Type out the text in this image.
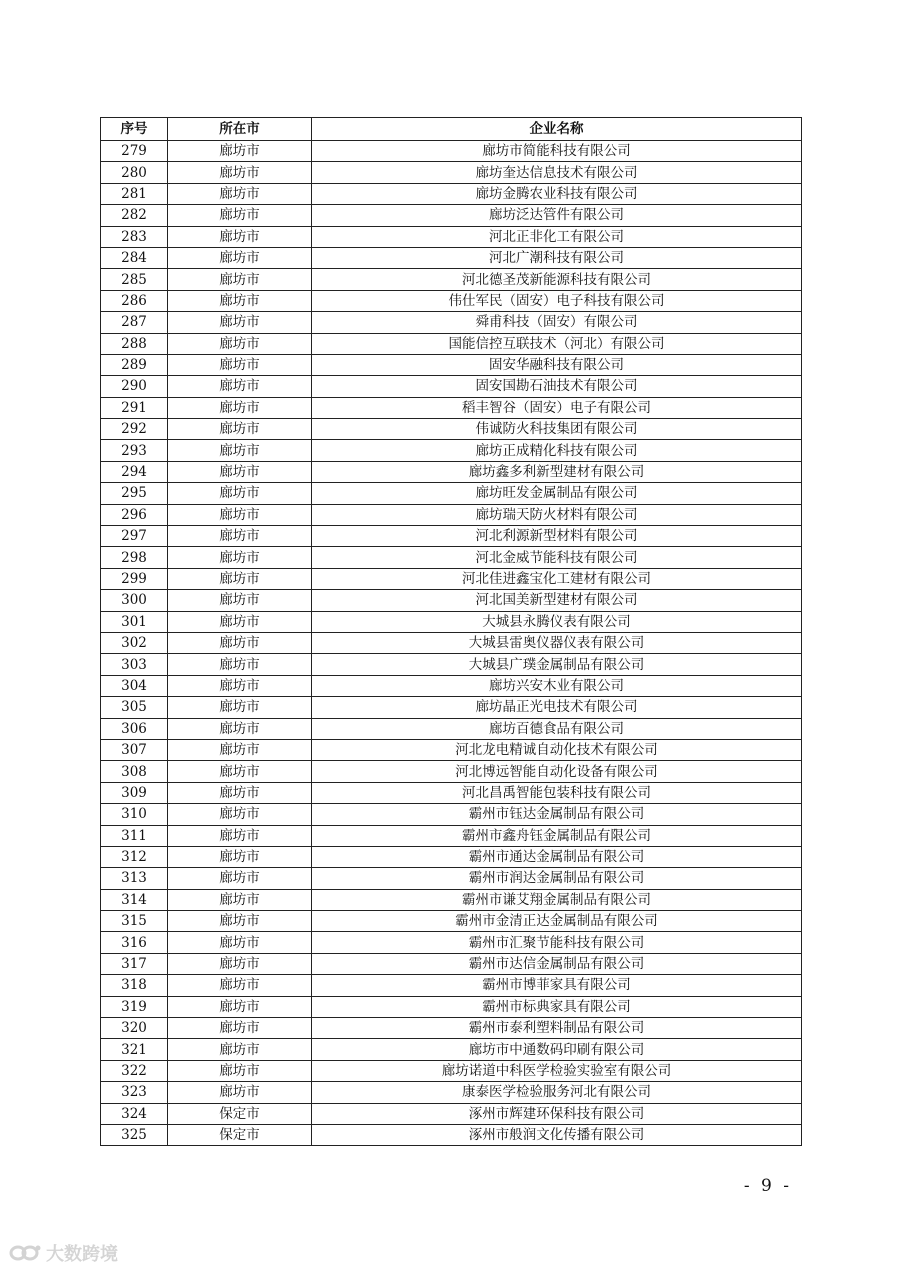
序号	所在市	企业名称
279	廊坊市	廊坊市简能科技有限公司
280	廊坊市	廊坊奎达信息技术有限公司
281	廊坊市	廊坊金腾农业科技有限公司
282	廊坊市	廊坊泛达管件有限公司
283	廊坊市	河北正非化工有限公司
284	廊坊市	河北广潮科技有限公司
285	廊坊市	河北德圣茂新能源科技有限公司
286	廊坊市	伟仕军民（固安）电子科技有限公司
287	廊坊市	舜甫科技（固安）有限公司
288	廊坊市	国能信控互联技术（河北）有限公司
289	廊坊市	固安华融科技有限公司
290	廊坊市	固安国勘石油技术有限公司
291	廊坊市	稻丰智谷（固安）电子有限公司
292	廊坊市	伟诚防火科技集团有限公司
293	廊坊市	廊坊正成精化科技有限公司
294	廊坊市	廊坊鑫多利新型建材有限公司
295	廊坊市	廊坊旺发金属制品有限公司
296	廊坊市	廊坊瑞天防火材料有限公司
297	廊坊市	河北利源新型材料有限公司
298	廊坊市	河北金威节能科技有限公司
299	廊坊市	河北佳进鑫宝化工建材有限公司
300	廊坊市	河北国美新型建材有限公司
301	廊坊市	大城县永腾仪表有限公司
302	廊坊市	大城县雷奥仪器仪表有限公司
303	廊坊市	大城县广璞金属制品有限公司
304	廊坊市	廊坊兴安木业有限公司
305	廊坊市	廊坊晶正光电技术有限公司
306	廊坊市	廊坊百德食品有限公司
307	廊坊市	河北龙电精诚自动化技术有限公司
308	廊坊市	河北博远智能自动化设备有限公司
309	廊坊市	河北昌禹智能包装科技有限公司
310	廊坊市	霸州市钰达金属制品有限公司
311	廊坊市	霸州市鑫舟钰金属制品有限公司
312	廊坊市	霸州市通达金属制品有限公司
313	廊坊市	霸州市润达金属制品有限公司
314	廊坊市	霸州市谦艾翔金属制品有限公司
315	廊坊市	霸州市金清正达金属制品有限公司
316	廊坊市	霸州市汇聚节能科技有限公司
317	廊坊市	霸州市达信金属制品有限公司
318	廊坊市	霸州市博菲家具有限公司
319	廊坊市	霸州市标典家具有限公司
320	廊坊市	霸州市泰利塑料制品有限公司
321	廊坊市	廊坊市中通数码印刷有限公司
322	廊坊市	廊坊诺道中科医学检验实验室有限公司
323	廊坊市	康泰医学检验服务河北有限公司
324	保定市	涿州市辉建环保科技有限公司
325	保定市	涿州市般润文化传播有限公司
- 9 -
大数跨境
